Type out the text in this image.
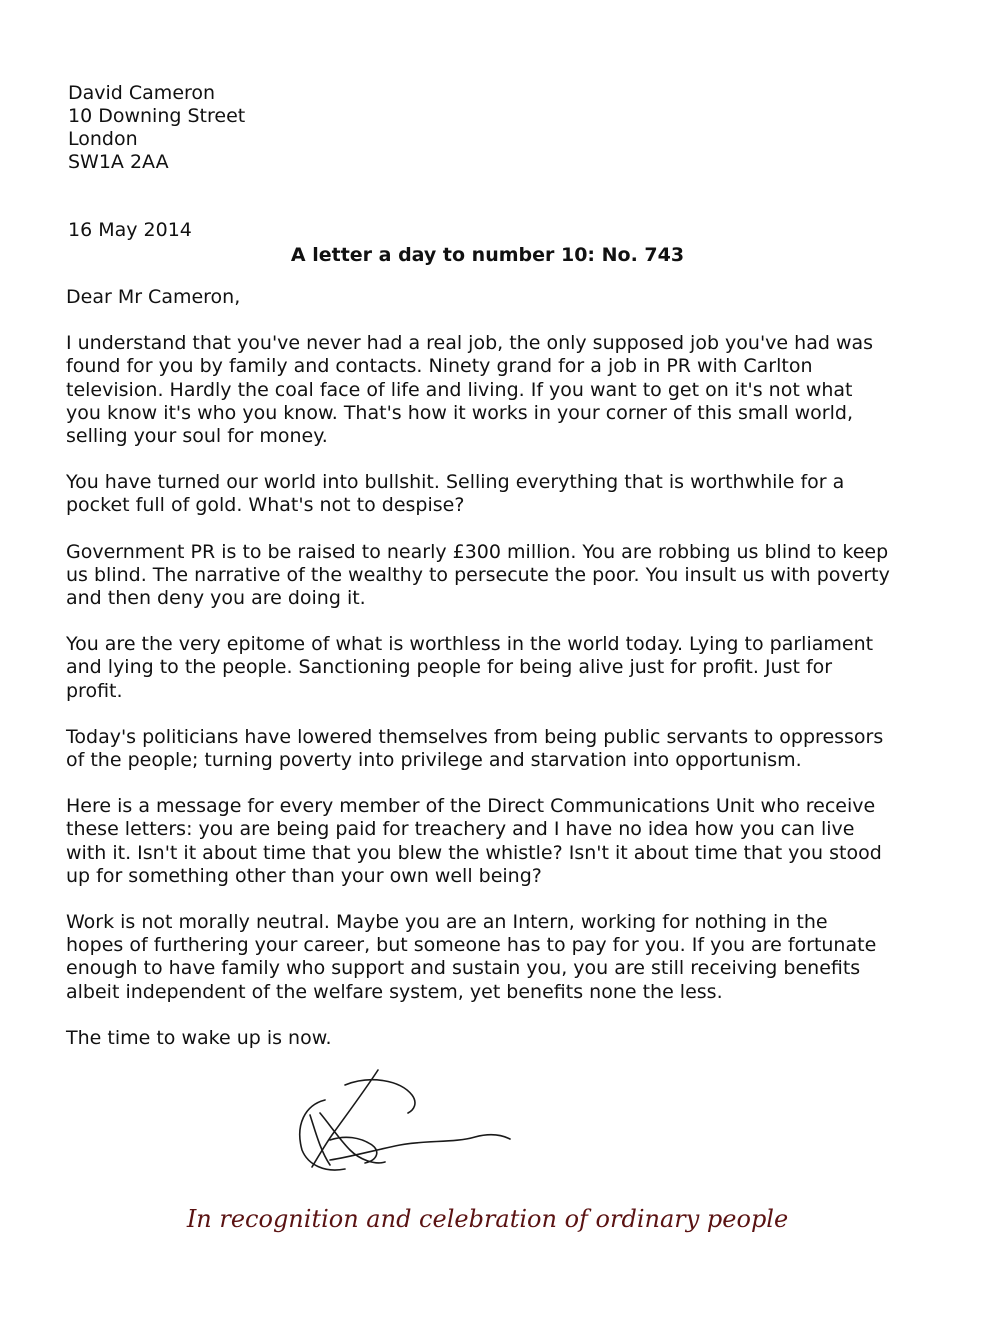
David Cameron
10 Downing Street
London
SW1A 2AA
16 May 2014
A letter a day to number 10: No. 743

Dear Mr Cameron,

I understand that you've never had a real job, the only supposed job you've had was
found for you by family and contacts. Ninety grand for a job in PR with Carlton
television. Hardly the coal face of life and living. If you want to get on it's not what
you know it's who you know. That's how it works in your corner of this small world,
selling your soul for money.

You have turned our world into bullshit. Selling everything that is worthwhile for a
pocket full of gold. What's not to despise?

Government PR is to be raised to nearly £300 million. You are robbing us blind to keep
us blind. The narrative of the wealthy to persecute the poor. You insult us with poverty
and then deny you are doing it.

You are the very epitome of what is worthless in the world today. Lying to parliament
and lying to the people. Sanctioning people for being alive just for profit. Just for
profit.

Today's politicians have lowered themselves from being public servants to oppressors
of the people; turning poverty into privilege and starvation into opportunism.

Here is a message for every member of the Direct Communications Unit who receive
these letters: you are being paid for treachery and I have no idea how you can live
with it. Isn't it about time that you blew the whistle? Isn't it about time that you stood
up for something other than your own well being?

Work is not morally neutral. Maybe you are an Intern, working for nothing in the
hopes of furthering your career, but someone has to pay for you. If you are fortunate
enough to have family who support and sustain you, you are still receiving benefits
albeit independent of the welfare system, yet benefits none the less.

The time to wake up is now.

In recognition and celebration of ordinary people
